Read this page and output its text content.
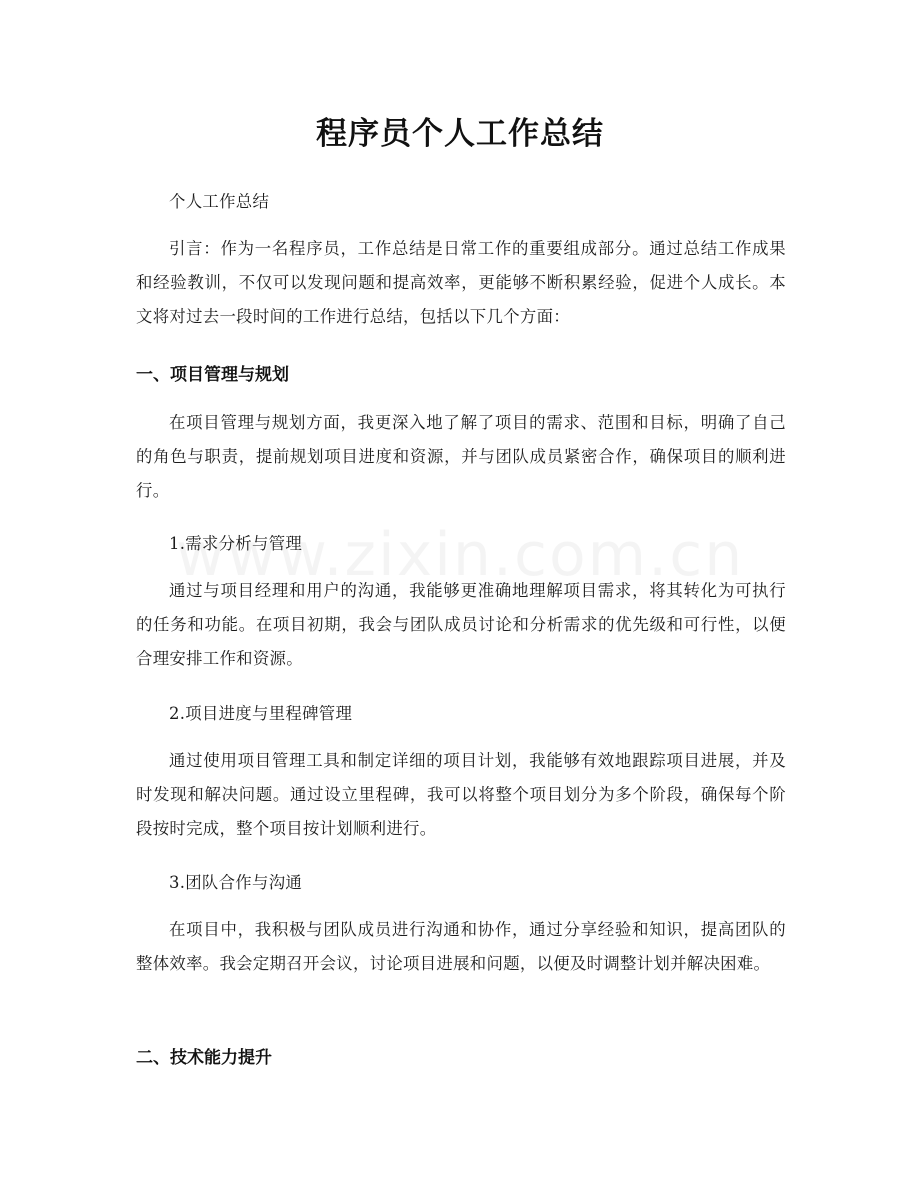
程序员个人工作总结

个人工作总结

引言：作为一名程序员，工作总结是日常工作的重要组成部分。通过总结工作成果和经验教训，不仅可以发现问题和提高效率，更能够不断积累经验，促进个人成长。本文将对过去一段时间的工作进行总结，包括以下几个方面：

一、项目管理与规划

在项目管理与规划方面，我更深入地了解了项目的需求、范围和目标，明确了自己的角色与职责，提前规划项目进度和资源，并与团队成员紧密合作，确保项目的顺利进行。

1.需求分析与管理

通过与项目经理和用户的沟通，我能够更准确地理解项目需求，将其转化为可执行的任务和功能。在项目初期，我会与团队成员讨论和分析需求的优先级和可行性，以便合理安排工作和资源。

2.项目进度与里程碑管理

通过使用项目管理工具和制定详细的项目计划，我能够有效地跟踪项目进展，并及时发现和解决问题。通过设立里程碑，我可以将整个项目划分为多个阶段，确保每个阶段按时完成，整个项目按计划顺利进行。

3.团队合作与沟通

在项目中，我积极与团队成员进行沟通和协作，通过分享经验和知识，提高团队的整体效率。我会定期召开会议，讨论项目进展和问题，以便及时调整计划并解决困难。

二、技术能力提升
